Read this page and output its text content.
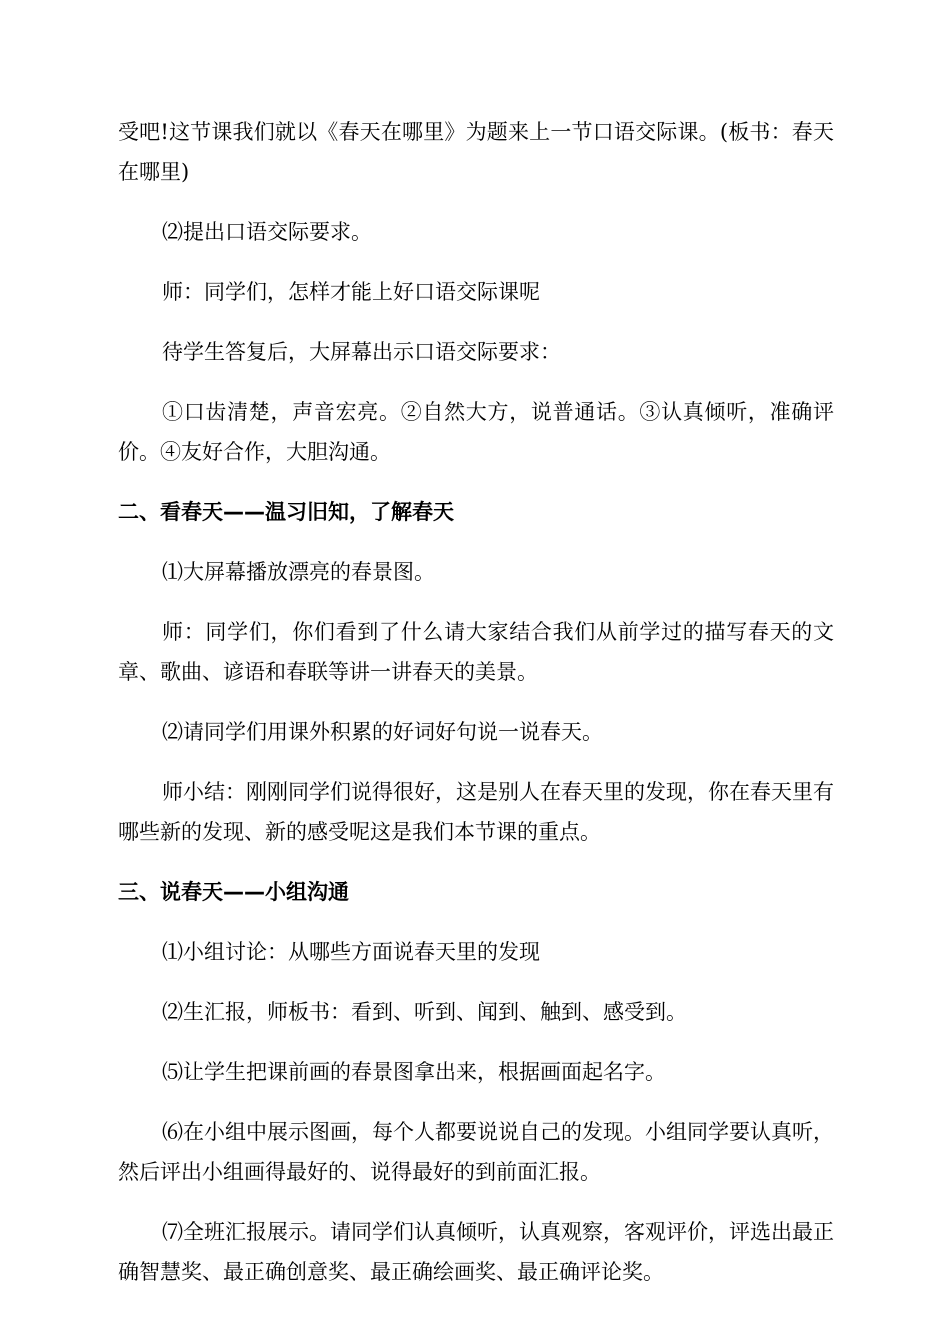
受吧!这节课我们就以《春天在哪里》为题来上一节口语交际课。(板书：春天在哪里)

⑵提出口语交际要求。

师：同学们，怎样才能上好口语交际课呢

待学生答复后，大屏幕出示口语交际要求：

①口齿清楚，声音宏亮。②自然大方，说普通话。③认真倾听，准确评价。④友好合作，大胆沟通。

二、看春天——温习旧知，了解春天

⑴大屏幕播放漂亮的春景图。

师：同学们，你们看到了什么请大家结合我们从前学过的描写春天的文章、歌曲、谚语和春联等讲一讲春天的美景。

⑵请同学们用课外积累的好词好句说一说春天。

师小结：刚刚同学们说得很好，这是别人在春天里的发现，你在春天里有哪些新的发现、新的感受呢这是我们本节课的重点。

三、说春天——小组沟通

⑴小组讨论：从哪些方面说春天里的发现

⑵生汇报，师板书：看到、听到、闻到、触到、感受到。

⑸让学生把课前画的春景图拿出来，根据画面起名字。

⑹在小组中展示图画，每个人都要说说自己的发现。小组同学要认真听，然后评出小组画得最好的、说得最好的到前面汇报。

⑺全班汇报展示。请同学们认真倾听，认真观察，客观评价，评选出最正确智慧奖、最正确创意奖、最正确绘画奖、最正确评论奖。
